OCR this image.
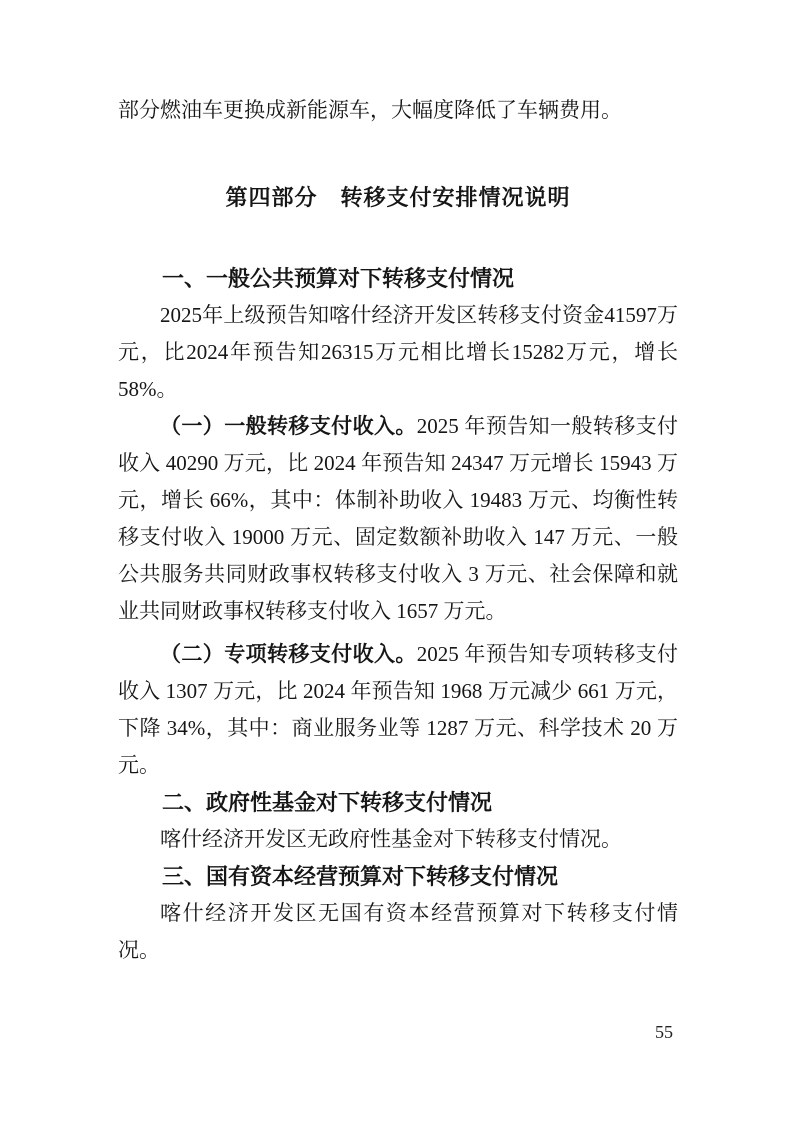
部分燃油车更换成新能源车，大幅度降低了车辆费用。

第四部分　转移支付安排情况说明

一、一般公共预算对下转移支付情况

2025年上级预告知喀什经济开发区转移支付资金41597万元，比2024年预告知26315万元相比增长15282万元，增长58%。

（一）一般转移支付收入。2025 年预告知一般转移支付收入 40290 万元，比 2024 年预告知 24347 万元增长 15943 万元，增长 66%，其中：体制补助收入 19483 万元、均衡性转移支付收入 19000 万元、固定数额补助收入 147 万元、一般公共服务共同财政事权转移支付收入 3 万元、社会保障和就业共同财政事权转移支付收入 1657 万元。

（二）专项转移支付收入。2025 年预告知专项转移支付收入 1307 万元，比 2024 年预告知 1968 万元减少 661 万元，下降 34%，其中：商业服务业等 1287 万元、科学技术 20 万元。

二、政府性基金对下转移支付情况

喀什经济开发区无政府性基金对下转移支付情况。

三、国有资本经营预算对下转移支付情况

喀什经济开发区无国有资本经营预算对下转移支付情况。

55
